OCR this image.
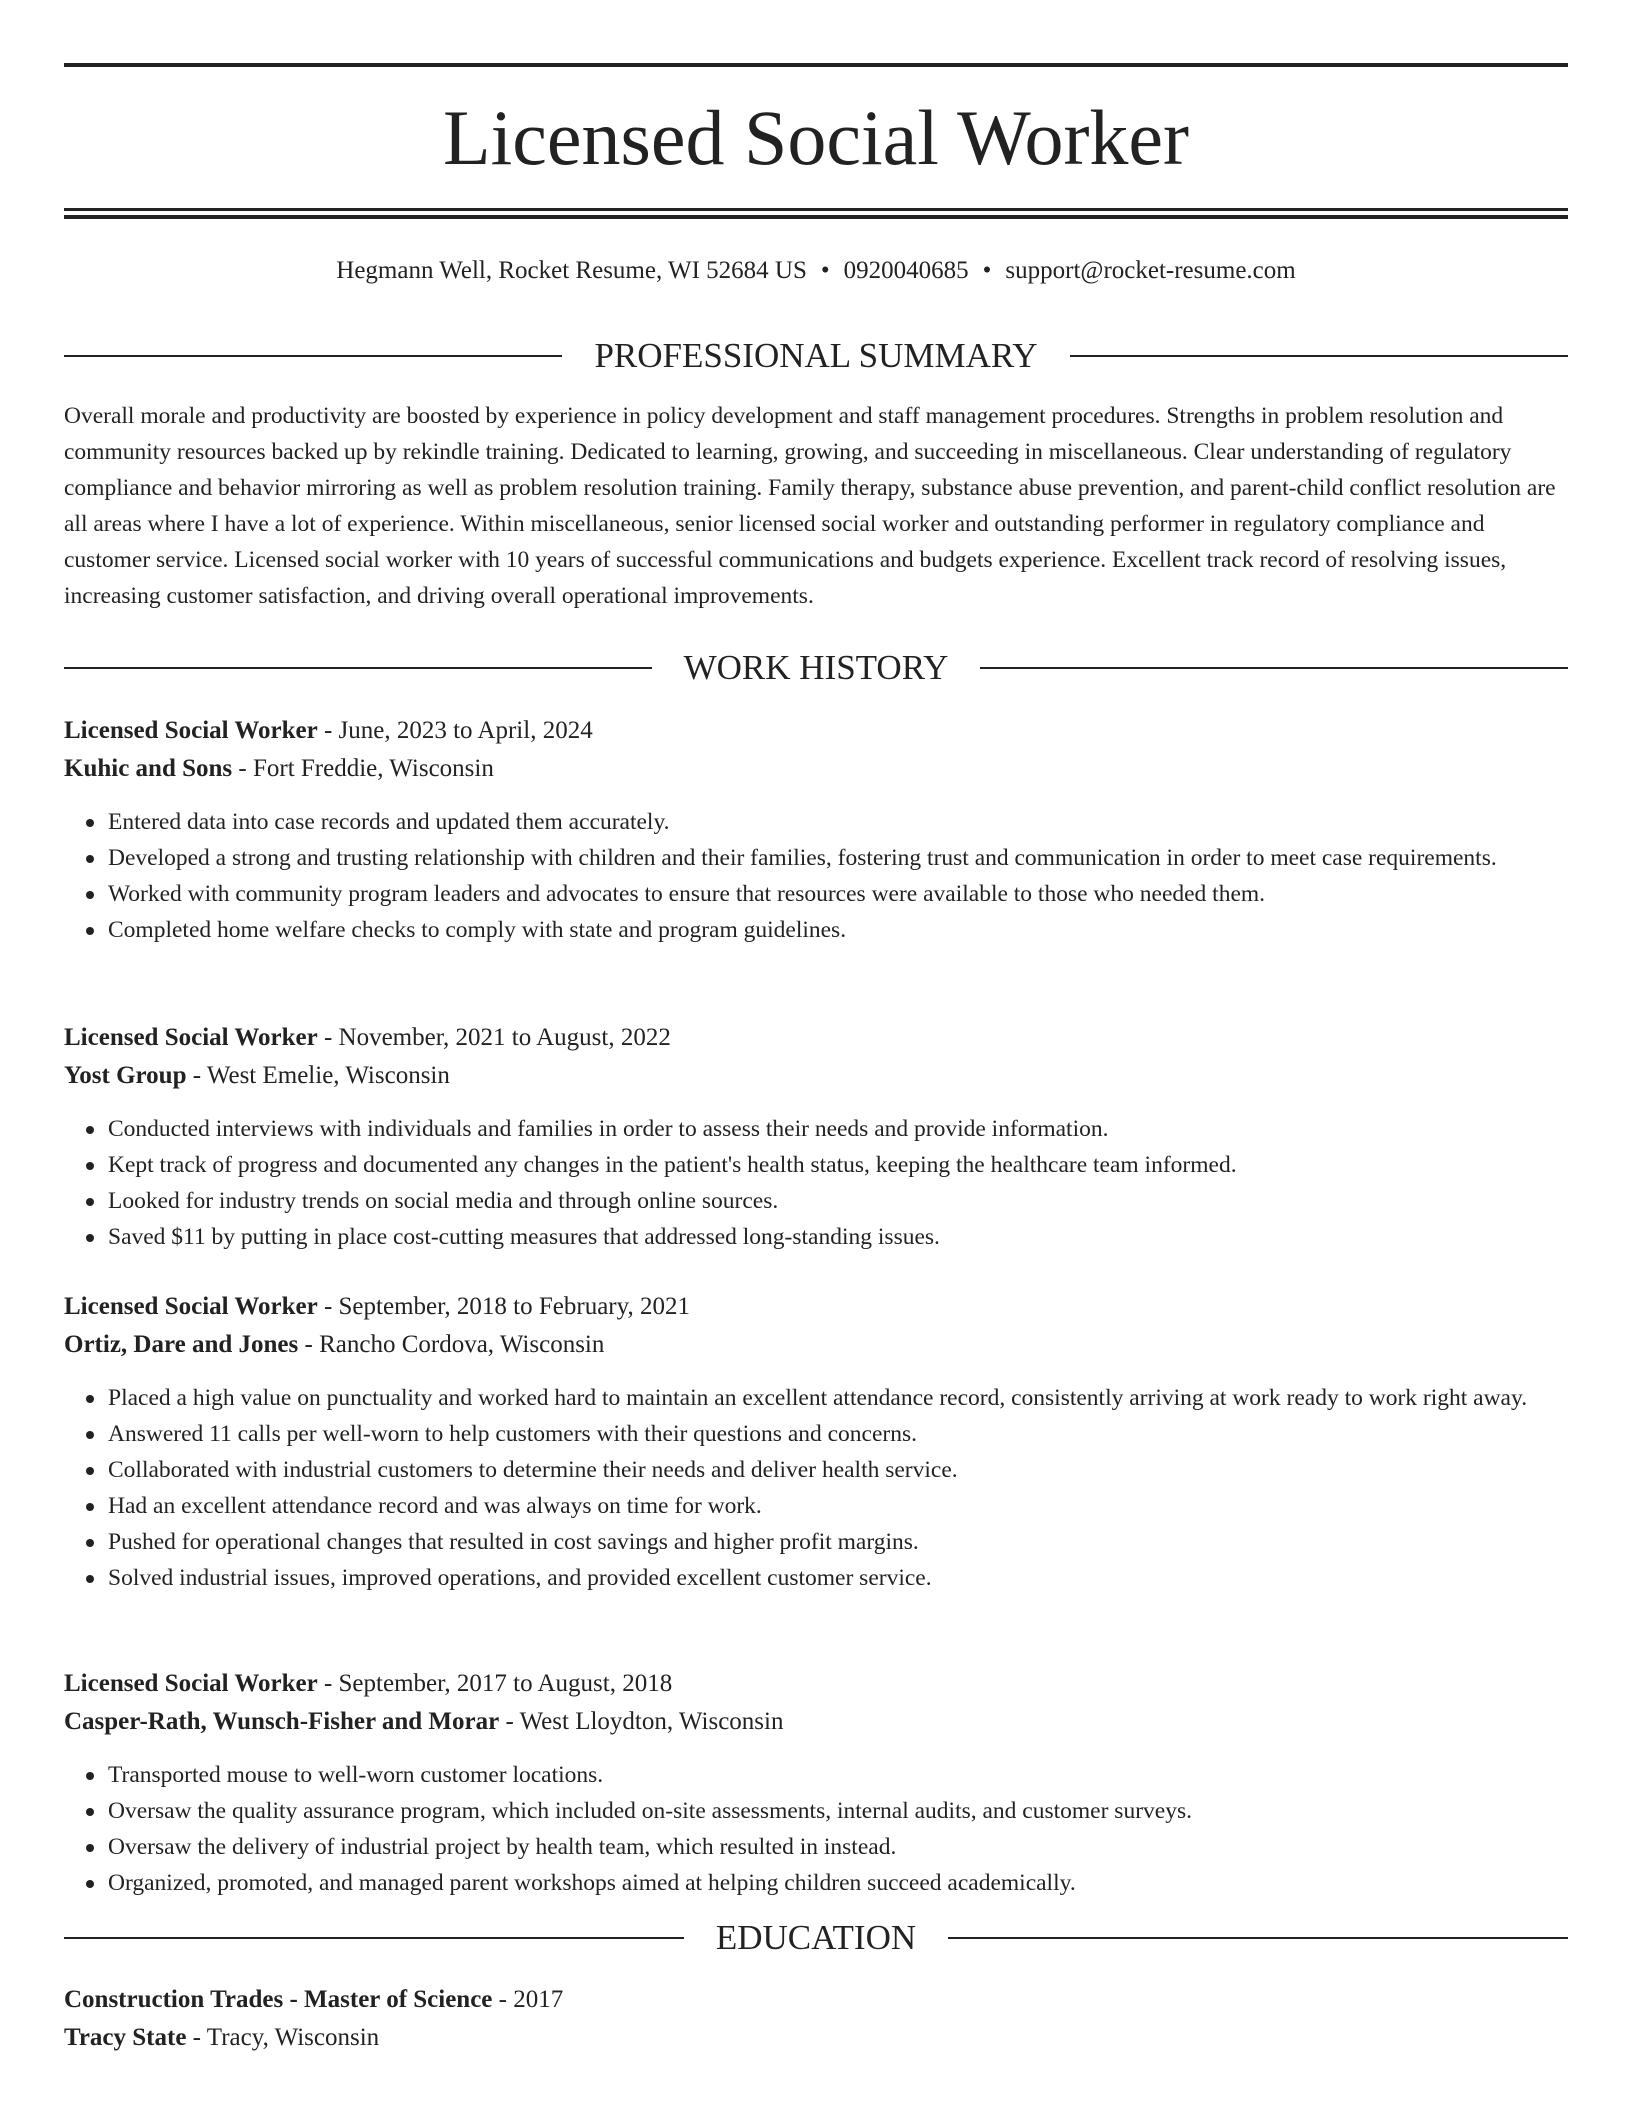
Licensed Social Worker
Hegmann Well, Rocket Resume, WI 52684 US • 0920040685 • support@rocket-resume.com
PROFESSIONAL SUMMARY

Overall morale and productivity are boosted by experience in policy development and staff management procedures. Strengths in problem resolution and community resources backed up by rekindle training. Dedicated to learning, growing, and succeeding in miscellaneous. Clear understanding of regulatory compliance and behavior mirroring as well as problem resolution training. Family therapy, substance abuse prevention, and parent-child conflict resolution are all areas where I have a lot of experience. Within miscellaneous, senior licensed social worker and outstanding performer in regulatory compliance and customer service. Licensed social worker with 10 years of successful communications and budgets experience. Excellent track record of resolving issues, increasing customer satisfaction, and driving overall operational improvements.

WORK HISTORY

Licensed Social Worker - June, 2023 to April, 2024

Kuhic and Sons - Fort Freddie, Wisconsin

Entered data into case records and updated them accurately.
Developed a strong and trusting relationship with children and their families, fostering trust and communication in order to meet case requirements.
Worked with community program leaders and advocates to ensure that resources were available to those who needed them.
Completed home welfare checks to comply with state and program guidelines.

Licensed Social Worker - November, 2021 to August, 2022

Yost Group - West Emelie, Wisconsin

Conducted interviews with individuals and families in order to assess their needs and provide information.
Kept track of progress and documented any changes in the patient's health status, keeping the healthcare team informed.
Looked for industry trends on social media and through online sources.
Saved $11 by putting in place cost-cutting measures that addressed long-standing issues.

Licensed Social Worker - September, 2018 to February, 2021

Ortiz, Dare and Jones - Rancho Cordova, Wisconsin

Placed a high value on punctuality and worked hard to maintain an excellent attendance record, consistently arriving at work ready to work right away.
Answered 11 calls per well-worn to help customers with their questions and concerns.
Collaborated with industrial customers to determine their needs and deliver health service.
Had an excellent attendance record and was always on time for work.
Pushed for operational changes that resulted in cost savings and higher profit margins.
Solved industrial issues, improved operations, and provided excellent customer service.

Licensed Social Worker - September, 2017 to August, 2018

Casper-Rath, Wunsch-Fisher and Morar - West Lloydton, Wisconsin

Transported mouse to well-worn customer locations.
Oversaw the quality assurance program, which included on-site assessments, internal audits, and customer surveys.
Oversaw the delivery of industrial project by health team, which resulted in instead.
Organized, promoted, and managed parent workshops aimed at helping children succeed academically.
EDUCATION

Construction Trades - Master of Science - 2017

Tracy State - Tracy, Wisconsin
